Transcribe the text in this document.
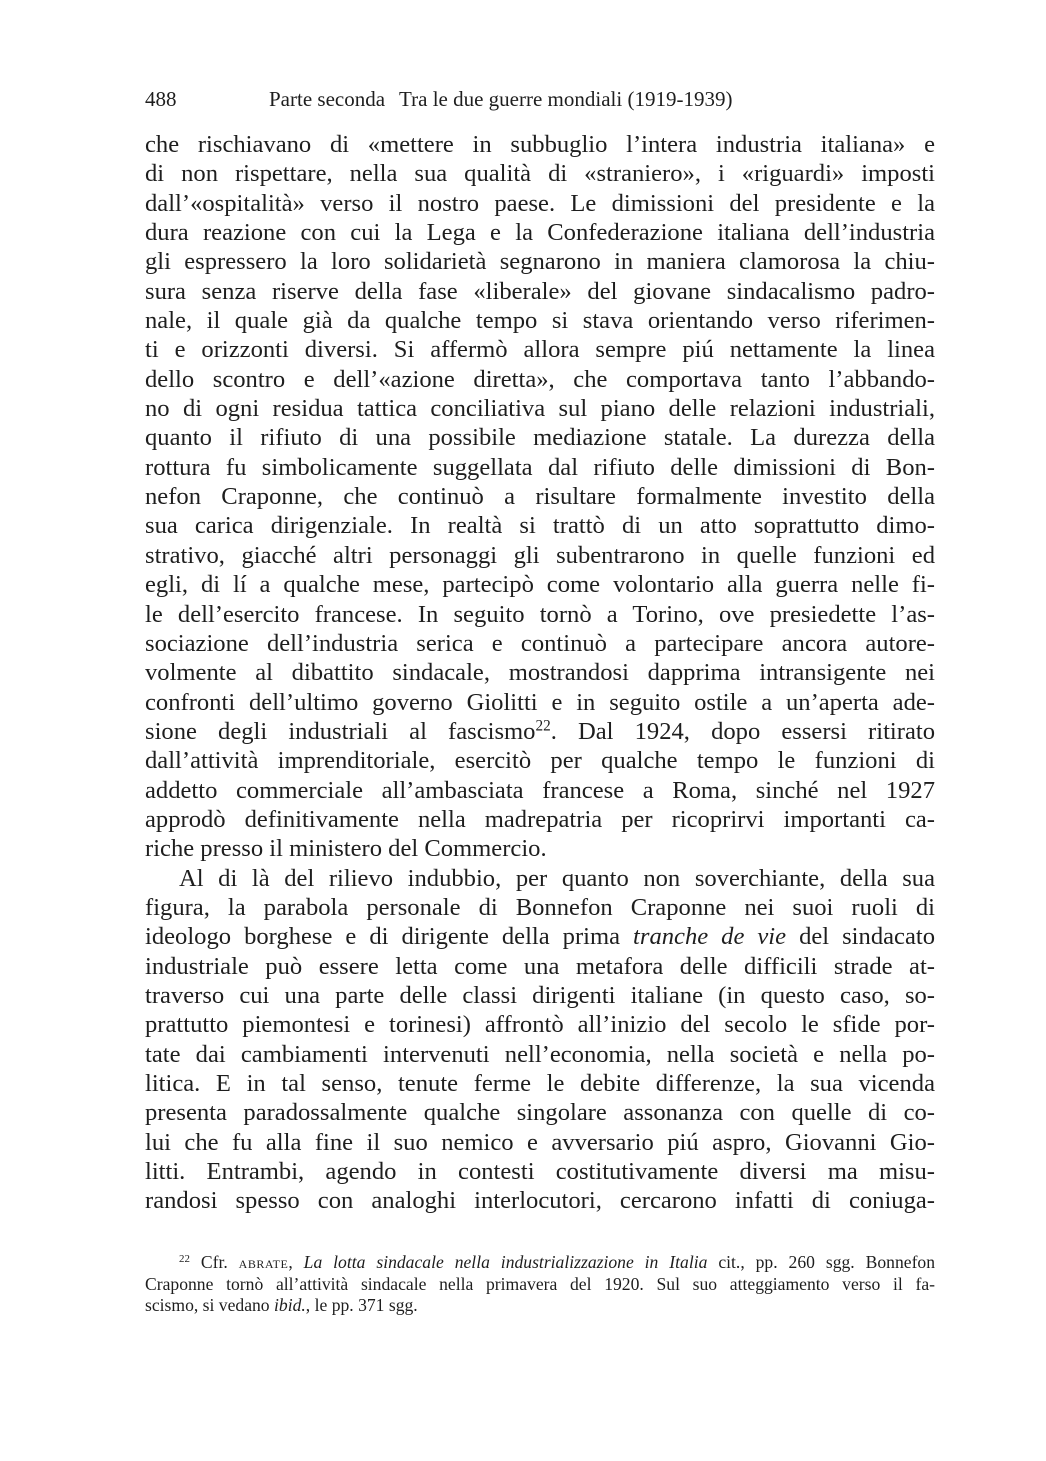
488	Parte seconda Tra le due guerre mondiali (1919-1939)
che rischiavano di «mettere in subbuglio l’intera industria italiana» e
di non rispettare, nella sua qualità di «straniero», i «riguardi» imposti
dall’«ospitalità» verso il nostro paese. Le dimissioni del presidente e la
dura reazione con cui la Lega e la Confederazione italiana dell’industria
gli espressero la loro solidarietà segnarono in maniera clamorosa la chiu-
sura senza riserve della fase «liberale» del giovane sindacalismo padro-
nale, il quale già da qualche tempo si stava orientando verso riferimen-
ti e orizzonti diversi. Si affermò allora sempre piú nettamente la linea
dello scontro e dell’«azione diretta», che comportava tanto l’abbando-
no di ogni residua tattica conciliativa sul piano delle relazioni industriali,
quanto il rifiuto di una possibile mediazione statale. La durezza della
rottura fu simbolicamente suggellata dal rifiuto delle dimissioni di Bon-
nefon Craponne, che continuò a risultare formalmente investito della
sua carica dirigenziale. In realtà si trattò di un atto soprattutto dimo-
strativo, giacché altri personaggi gli subentrarono in quelle funzioni ed
egli, di lí a qualche mese, partecipò come volontario alla guerra nelle fi-
le dell’esercito francese. In seguito tornò a Torino, ove presiedette l’as-
sociazione dell’industria serica e continuò a partecipare ancora autore-
volmente al dibattito sindacale, mostrandosi dapprima intransigente nei
confronti dell’ultimo governo Giolitti e in seguito ostile a un’aperta ade-
sione degli industriali al fascismo$^{22}$. Dal 1924, dopo essersi ritirato
dall’attività imprenditoriale, esercitò per qualche tempo le funzioni di
addetto commerciale all’ambasciata francese a Roma, sinché nel 1927
approdò definitivamente nella madrepatria per ricoprirvi importanti ca-
riche presso il ministero del Commercio.
Al di là del rilievo indubbio, per quanto non soverchiante, della sua
figura, la parabola personale di Bonnefon Craponne nei suoi ruoli di
ideologo borghese e di dirigente della prima tranche de vie del sindacato
industriale può essere letta come una metafora delle difficili strade at-
traverso cui una parte delle classi dirigenti italiane (in questo caso, so-
prattutto piemontesi e torinesi) affrontò all’inizio del secolo le sfide por-
tate dai cambiamenti intervenuti nell’economia, nella società e nella po-
litica. E in tal senso, tenute ferme le debite differenze, la sua vicenda
presenta paradossalmente qualche singolare assonanza con quelle di co-
lui che fu alla fine il suo nemico e avversario piú aspro, Giovanni Gio-
litti. Entrambi, agendo in contesti costitutivamente diversi ma misu-
randosi spesso con analoghi interlocutori, cercarono infatti di coniuga-
$^{22}$ Cfr. abrate, La lotta sindacale nella industrializzazione in Italia cit., pp. 260 sgg. Bonnefon
Craponne tornò all’attività sindacale nella primavera del 1920. Sul suo atteggiamento verso il fa-
scismo, si vedano ibid., le pp. 371 sgg.
